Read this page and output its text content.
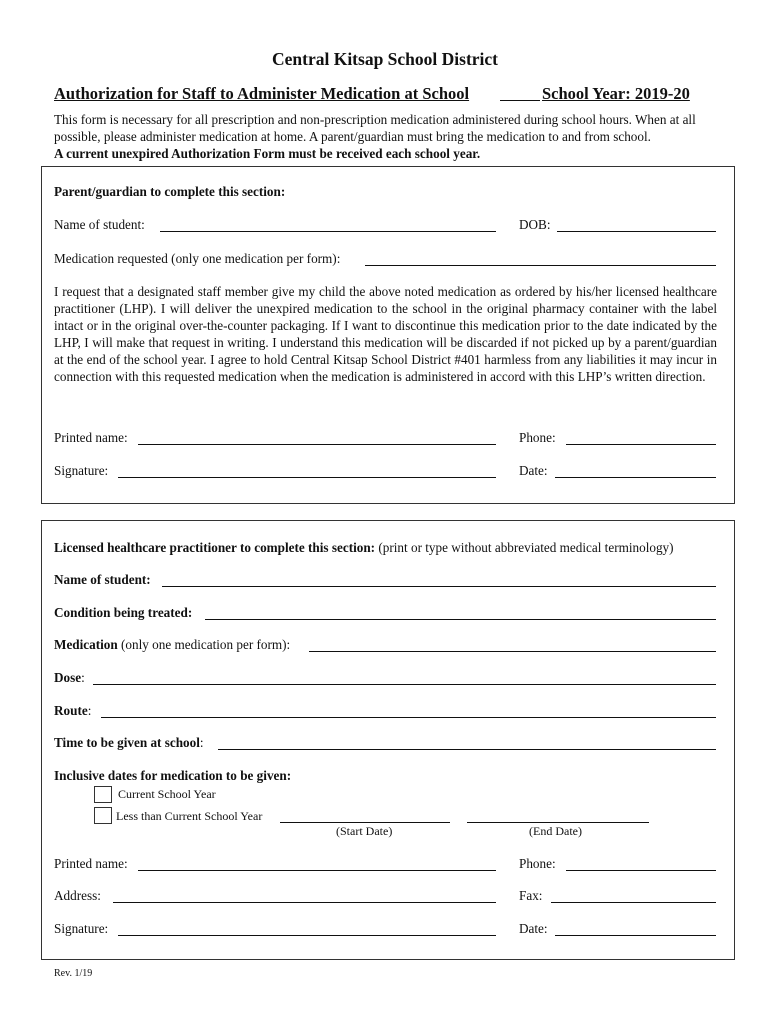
Central Kitsap School District
Authorization for Staff to Administer Medication at School	School Year: 2019-20
This form is necessary for all prescription and non-prescription medication administered during school hours. When at all possible, please administer medication at home. A parent/guardian must bring the medication to and from school.
A current unexpired Authorization Form must be received each school year.
Parent/guardian to complete this section:
Name of student:	DOB:
Medication requested (only one medication per form):
I request that a designated staff member give my child the above noted medication as ordered by his/her licensed healthcare practitioner (LHP). I will deliver the unexpired medication to the school in the original pharmacy container with the label intact or in the original over-the-counter packaging. If I want to discontinue this medication prior to the date indicated by the LHP, I will make that request in writing. I understand this medication will be discarded if not picked up by a parent/guardian at the end of the school year. I agree to hold Central Kitsap School District #401 harmless from any liabilities it may incur in connection with this requested medication when the medication is administered in accord with this LHP’s written direction.
Printed name:	Phone:
Signature:	Date:
Licensed healthcare practitioner to complete this section: (print or type without abbreviated medical terminology)
Name of student:
Condition being treated:
Medication (only one medication per form):
Dose:
Route:
Time to be given at school:
Inclusive dates for medication to be given:
Current School Year
Less than Current School Year
(Start Date)	(End Date)
Printed name:	Phone:
Address:	Fax:
Signature:	Date:
Rev. 1/19
